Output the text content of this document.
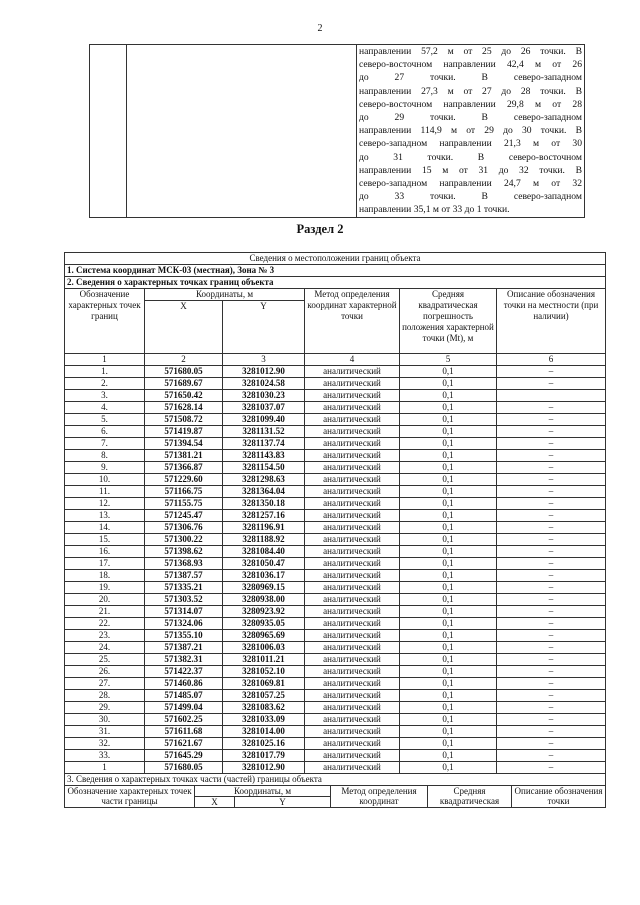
2

направлении 57,2 м от 25 до 26 точки. В
северо-восточном направлении 42,4 м от 26
до 27 точки. В северо-западном
направлении 27,3 м от 27 до 28 точки. В
северо-восточном направлении 29,8 м от 28
до 29 точки. В северо-западном
направлении 114,9 м от 29 до 30 точки. В
северо-западном направлении 21,3 м от 30
до 31 точки. В северо-восточном
направлении 15 м от 31 до 32 точки. В
северо-западном направлении 24,7 м от 32
до 33 точки. В северо-западном
направлении 35,1 м от 33 до 1 точки.
Раздел 2
Сведения о местоположении границ объекта					
1. Система координат МСК-03 (местная), Зона № 3					
2. Сведения о характерных точках границ объекта					
Обозначение характерных точек границ	Координаты, м		Метод определения координат характерной точки	Средняя квадратическая погрешность положения характерной точки (Mt), м	Описание обозначения точки на местности (при наличии)
	X	Y			
1	2	3	4	5	6
1.	571680.05	3281012.90	аналитический	0,1	–
2.	571689.67	3281024.58	аналитический	0,1	–
3.	571650.42	3281030.23	аналитический	0,1	
4.	571628.14	3281037.07	аналитический	0,1	–
5.	571508.72	3281099.40	аналитический	0,1	–
6.	571419.87	3281131.52	аналитический	0,1	–
7.	571394.54	3281137.74	аналитический	0,1	–
8.	571381.21	3281143.83	аналитический	0,1	–
9.	571366.87	3281154.50	аналитический	0,1	–
10.	571229.60	3281298.63	аналитический	0,1	–
11.	571166.75	3281364.04	аналитический	0,1	–
12.	571155.75	3281350.18	аналитический	0,1	–
13.	571245.47	3281257.16	аналитический	0,1	–
14.	571306.76	3281196.91	аналитический	0,1	–
15.	571300.22	3281188.92	аналитический	0,1	–
16.	571398.62	3281084.40	аналитический	0,1	–
17.	571368.93	3281050.47	аналитический	0,1	–
18.	571387.57	3281036.17	аналитический	0,1	–
19.	571335.21	3280969.15	аналитический	0,1	–
20.	571303.52	3280938.00	аналитический	0,1	–
21.	571314.07	3280923.92	аналитический	0,1	–
22.	571324.06	3280935.05	аналитический	0,1	–
23.	571355.10	3280965.69	аналитический	0,1	–
24.	571387.21	3281006.03	аналитический	0,1	–
25.	571382.31	3281011.21	аналитический	0,1	–
26.	571422.37	3281052.10	аналитический	0,1	–
27.	571460.86	3281069.81	аналитический	0,1	–
28.	571485.07	3281057.25	аналитический	0,1	–
29.	571499.04	3281083.62	аналитический	0,1	–
30.	571602.25	3281033.09	аналитический	0,1	–
31.	571611.68	3281014.00	аналитический	0,1	–
32.	571621.67	3281025.16	аналитический	0,1	–
33.	571645.29	3281017.79	аналитический	0,1	–
1	571680.05	3281012.90	аналитический	0,1	–
3. Сведения о характерных точках части (частей) границы объекта					
Обозначение характерных точек части границы	Координаты, м		Метод определения координат	Средняя квадратическая	Описание обозначения точки
	X	Y			
